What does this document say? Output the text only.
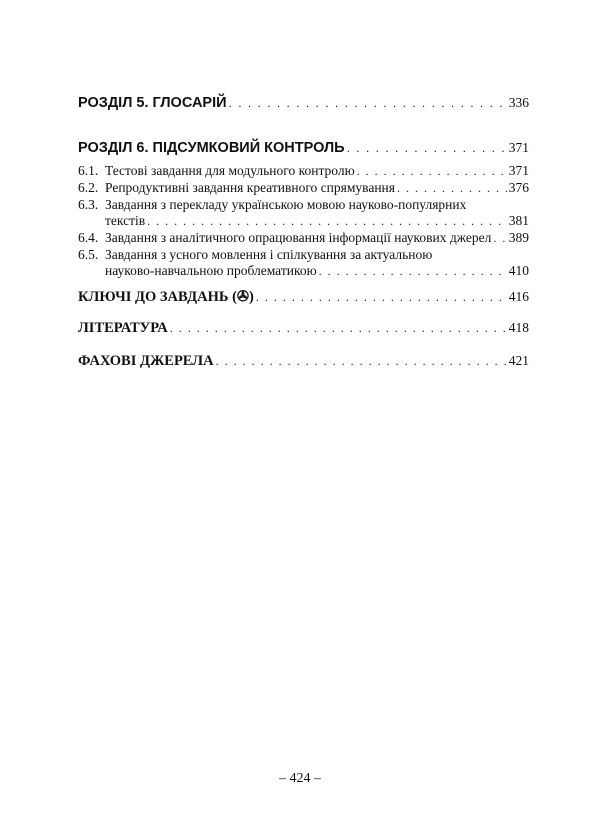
РОЗДІЛ 5. ГЛОСАРІЙ . . .	336
РОЗДІЛ 6. ПІДСУМКОВИЙ КОНТРОЛЬ . . .	371
6.1. Тестові завдання для модульного контролю . . .	371
6.2. Репродуктивні завдання креативного спрямування . . .	376
6.3. Завдання з перекладу українською мовою науково-популярних
текстів . . .	381
6.4. Завдання з аналітичного опрацювання інформації наукових джерел . . . 389
6.5. Завдання з усного мовлення і спілкування за актуальною
науково-навчальною проблематикою . . .	410
КЛЮЧІ ДО ЗАВДАНЬ (✇) . . .	416
ЛІТЕРАТУРА . . .	418
ФАХОВІ ДЖЕРЕЛА . . .	421
– 424 –
